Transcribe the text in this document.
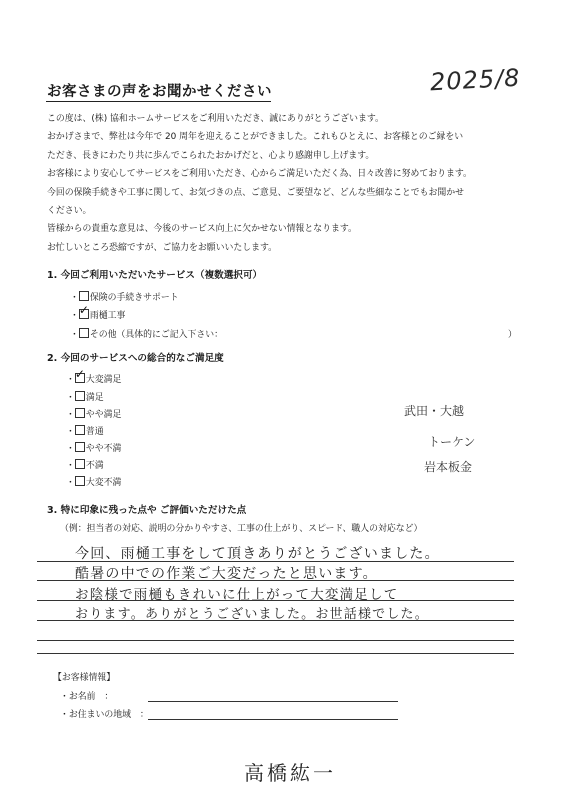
お客さまの声をお聞かせください	2025/8

この度は、(株) 協和ホームサービスをご利用いただき、誠にありがとうございます。

おかげさまで、弊社は今年で 20 周年を迎えることができました。これもひとえに、お客様とのご縁をい

ただき、長きにわたり共に歩んでこられたおかげだと、心より感謝申し上げます。

お客様により安心してサービスをご利用いただき、心からご満足いただく為、日々改善に努めております。

今回の保険手続きや工事に関して、お気づきの点、ご意見、ご要望など、どんな些細なことでもお聞かせ

ください。

皆様からの貴重な意見は、今後のサービス向上に欠かせない情報となります。

お忙しいところ恐縮ですが、ご協力をお願いいたします。

1. 今回ご利用いただいたサービス（複数選択可）
・ 保険の手続きサポート
・ ✓ 雨樋工事
・ その他（具体的にご記入下さい：	）
2. 今回のサービスへの総合的なご満足度
・ ✓ 大変満足
・ 満足
・ やや満足
・ 普通
・ やや不満
・ 不満
・ 大変不満
武田・大越
トーケン
岩本板金
3. 特に印象に残った点や ご評価いただけた点
（例：担当者の対応、説明の分かりやすさ、工事の仕上がり、スピード、職人の対応など）
今回、雨樋工事をして頂きありがとうございました。
酷暑の中での作業ご大変だったと思います。
お陰様で雨樋もきれいに仕上がって大変満足して
おります。ありがとうございました。お世話様でした。
【お客様情報】
・お名前　：
・お住まいの地域　：
高橋紘一
